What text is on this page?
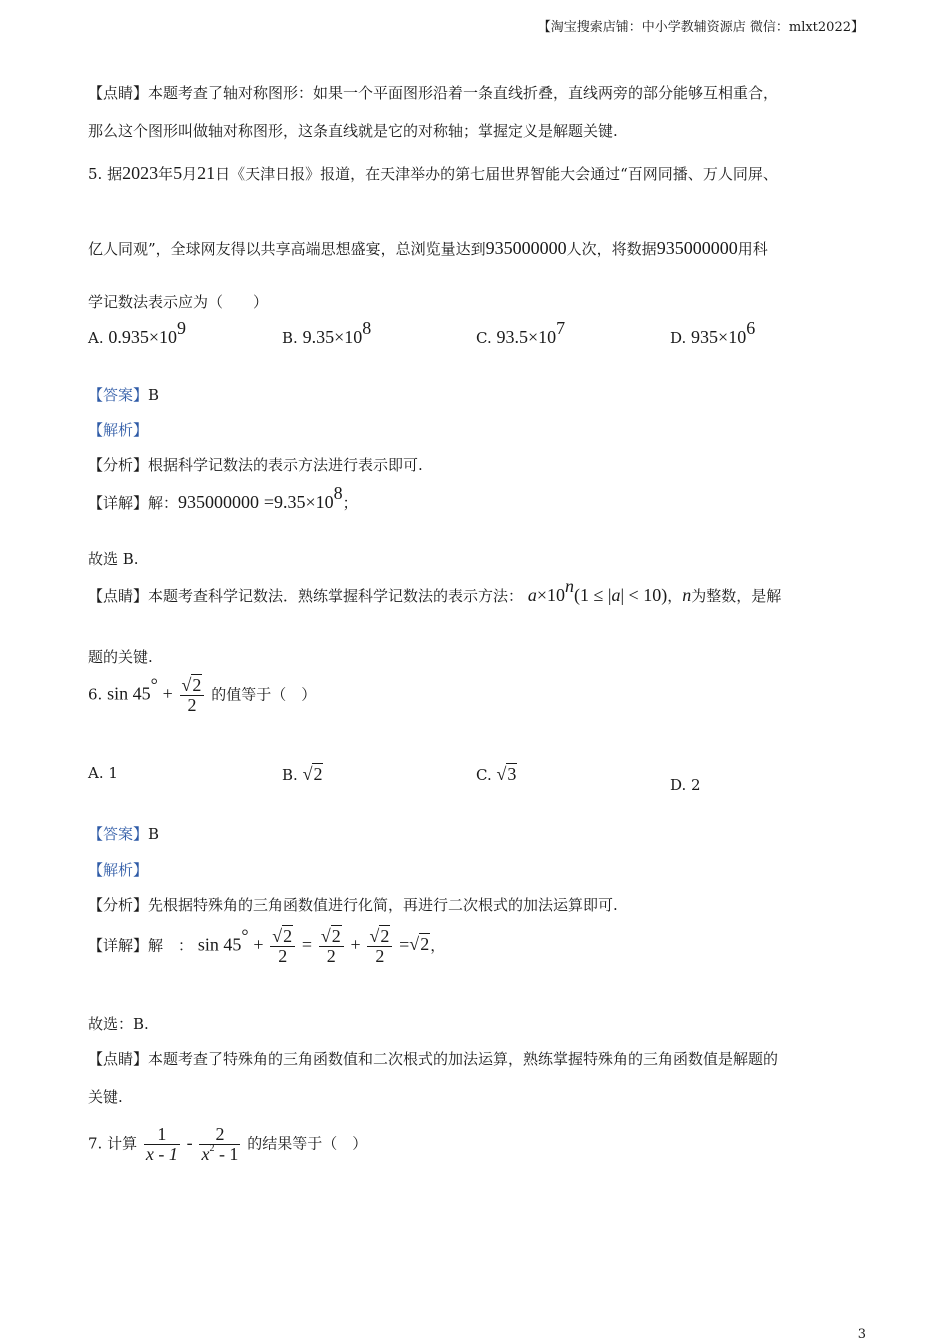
【淘宝搜索店铺：中小学教辅资源店 微信：mlxt2022】
【点睛】本题考查了轴对称图形：如果一个平面图形沿着一条直线折叠，直线两旁的部分能够互相重合，
那么这个图形叫做轴对称图形，这条直线就是它的对称轴；掌握定义是解题关键.
5. 据2023年5月21日《天津日报》报道，在天津举办的第七届世界智能大会通过“百网同播、万人同屏、
亿人同观”，全球网友得以共享高端思想盛宴，总浏览量达到935000000人次，将数据935000000用科
学记数法表示应为（　　）
A. $0.935\times 10^9$	B. $9.35\times 10^8$	C. $93.5\times 10^7$	D. $935\times 10^6$
【答案】B
【解析】
【分析】根据科学记数法的表示方法进行表示即可.
【详解】解：$935000000 =9.35\times 10^8$；
故选 B.
【点睛】本题考查科学记数法．熟练掌握科学记数法的表示方法： $a\times 10^n(1 \le |a| < 10)$，n为整数，是解
题的关键.
6. $\sin 45^\circ + \frac{√2}{2}$ 的值等于（　）
A. 1	B. √2	C. √3
D. 2
【答案】B
【解析】
【分析】先根据特殊角的三角函数值进行化简，再进行二次根式的加法运算即可.
【详解】解　： $\sin 45^\circ + \frac{√2}{2} = \frac{√2}{2} + \frac{√2}{2} =√2$，
故选：B.
【点睛】本题考查了特殊角的三角函数值和二次根式的加法运算，熟练掌握特殊角的三角函数值是解题的
关键.
7. 计算 $\frac{1}{x - 1} - \frac{2}{x^2 - 1}$ 的结果等于（　）
3
